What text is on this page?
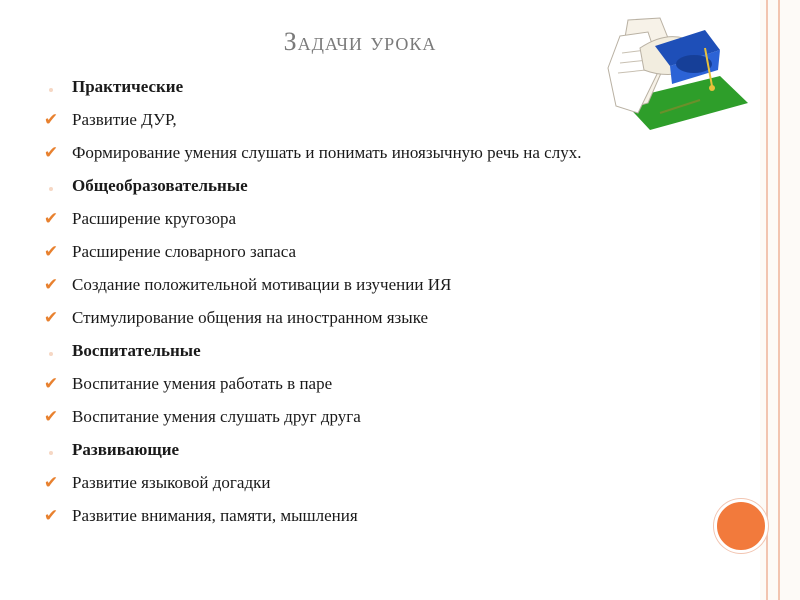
Задачи урока
Практические
✔ Развитие ДУР,
✔ Формирование умения слушать и понимать иноязычную речь на слух.
Общеобразовательные
✔ Расширение кругозора
✔ Расширение словарного запаса
✔ Создание положительной мотивации в изучении ИЯ
✔ Стимулирование общения на иностранном языке
Воспитательные
✔ Воспитание умения работать в паре
✔ Воспитание умения слушать друг друга
Развивающие
✔ Развитие языковой догадки
✔ Развитие внимания, памяти, мышления
